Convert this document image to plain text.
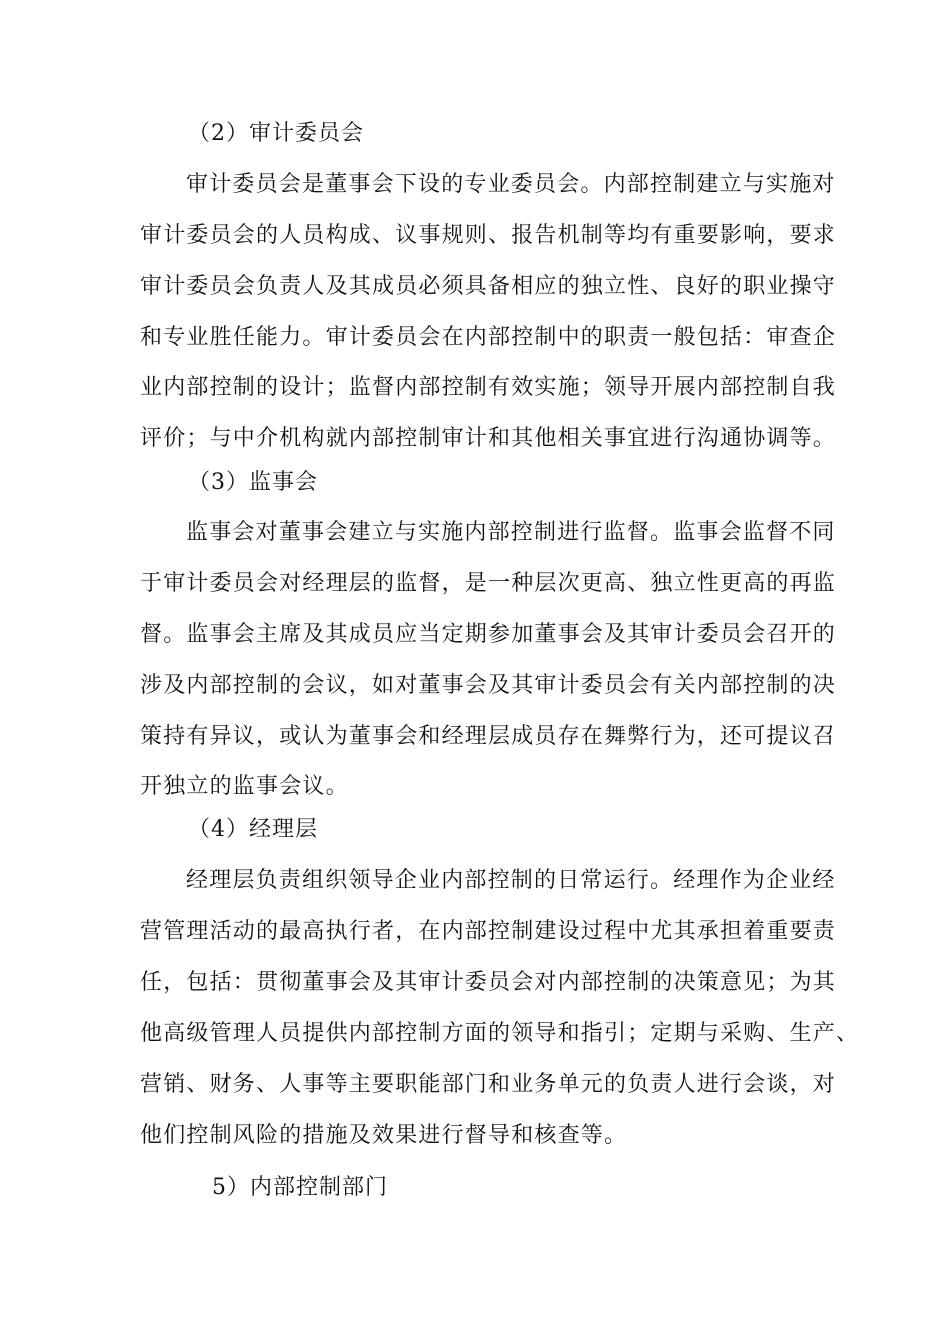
（2）审计委员会
审计委员会是董事会下设的专业委员会。内部控制建立与实施对
审计委员会的人员构成、议事规则、报告机制等均有重要影响，要求
审计委员会负责人及其成员必须具备相应的独立性、良好的职业操守
和专业胜任能力。审计委员会在内部控制中的职责一般包括：审查企
业内部控制的设计；监督内部控制有效实施；领导开展内部控制自我
评价；与中介机构就内部控制审计和其他相关事宜进行沟通协调等。
（3）监事会
监事会对董事会建立与实施内部控制进行监督。监事会监督不同
于审计委员会对经理层的监督，是一种层次更高、独立性更高的再监
督。监事会主席及其成员应当定期参加董事会及其审计委员会召开的
涉及内部控制的会议，如对董事会及其审计委员会有关内部控制的决
策持有异议，或认为董事会和经理层成员存在舞弊行为，还可提议召
开独立的监事会议。
（4）经理层
经理层负责组织领导企业内部控制的日常运行。经理作为企业经
营管理活动的最高执行者，在内部控制建设过程中尤其承担着重要责
任，包括：贯彻董事会及其审计委员会对内部控制的决策意见；为其
他高级管理人员提供内部控制方面的领导和指引；定期与采购、生产、
营销、财务、人事等主要职能部门和业务单元的负责人进行会谈，对
他们控制风险的措施及效果进行督导和核查等。
5）内部控制部门
